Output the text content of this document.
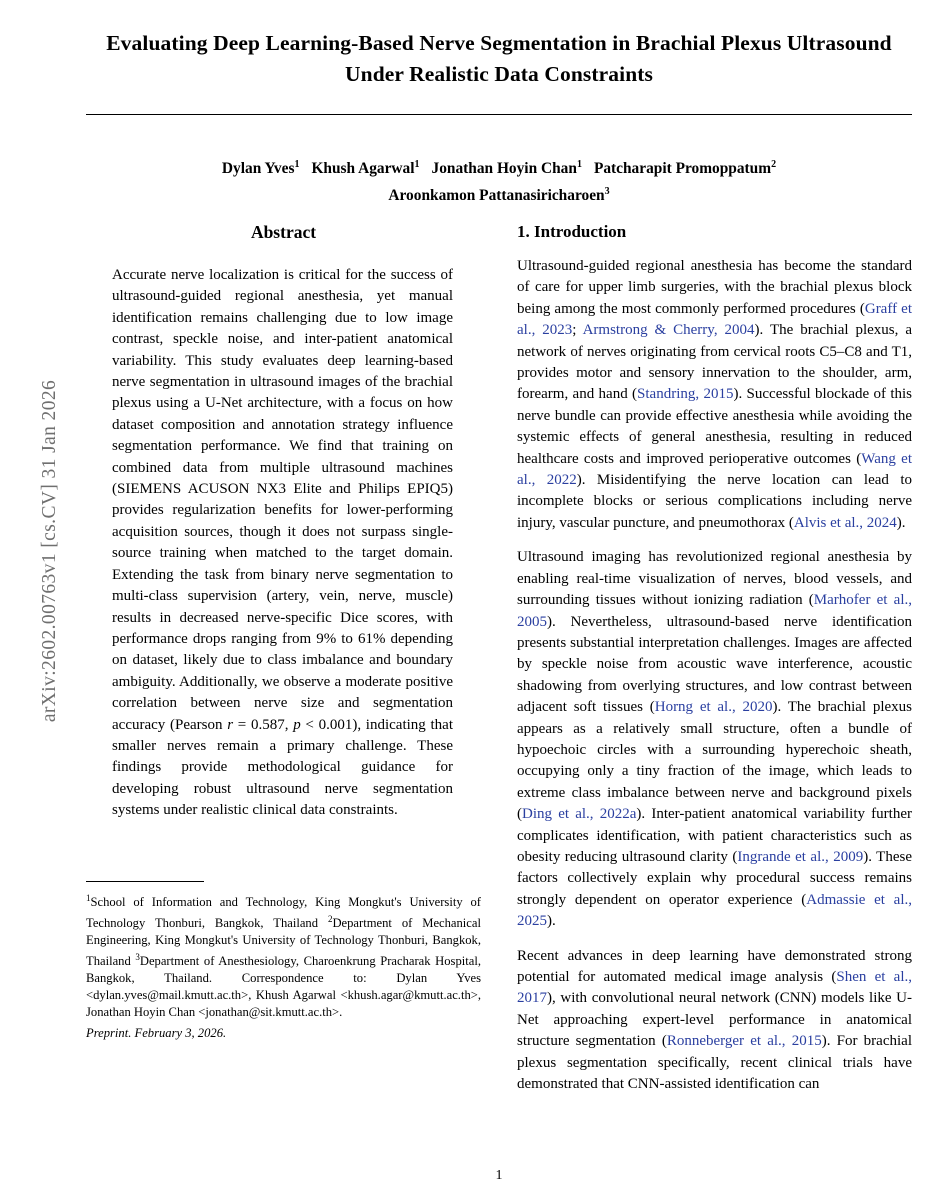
arXiv:2602.00763v1 [cs.CV] 31 Jan 2026
Evaluating Deep Learning-Based Nerve Segmentation in Brachial Plexus Ultrasound Under Realistic Data Constraints
Dylan Yves$^1$ Khush Agarwal$^1$ Jonathan Hoyin Chan$^1$ Patcharapit Promoppatum$^2$
Aroonkamon Pattanasiricharoen$^3$
Abstract
Accurate nerve localization is critical for the success of ultrasound-guided regional anesthesia, yet manual identification remains challenging due to low image contrast, speckle noise, and inter-patient anatomical variability. This study evaluates deep learning-based nerve segmentation in ultrasound images of the brachial plexus using a U-Net architecture, with a focus on how dataset composition and annotation strategy influence segmentation performance. We find that training on combined data from multiple ultrasound machines (SIEMENS ACUSON NX3 Elite and Philips EPIQ5) provides regularization benefits for lower-performing acquisition sources, though it does not surpass single-source training when matched to the target domain. Extending the task from binary nerve segmentation to multi-class supervision (artery, vein, nerve, muscle) results in decreased nerve-specific Dice scores, with performance drops ranging from 9% to 61% depending on dataset, likely due to class imbalance and boundary ambiguity. Additionally, we observe a moderate positive correlation between nerve size and segmentation accuracy (Pearson r = 0.587, p < 0.001), indicating that smaller nerves remain a primary challenge. These findings provide methodological guidance for developing robust ultrasound nerve segmentation systems under realistic clinical data constraints.

$^1$School of Information and Technology, King Mongkut's University of Technology Thonburi, Bangkok, Thailand $^2$Department of Mechanical Engineering, King Mongkut's University of Technology Thonburi, Bangkok, Thailand $^3$Department of Anesthesiology, Charoenkrung Pracharak Hospital, Bangkok, Thailand. Correspondence to: Dylan Yves <dylan.yves@mail.kmutt.ac.th>, Khush Agarwal <khush.agar@kmutt.ac.th>, Jonathan Hoyin Chan <jonathan@sit.kmutt.ac.th>.

Preprint. February 3, 2026.

1. Introduction

Ultrasound-guided regional anesthesia has become the standard of care for upper limb surgeries, with the brachial plexus block being among the most commonly performed procedures (Graff et al., 2023; Armstrong & Cherry, 2004). The brachial plexus, a network of nerves originating from cervical roots C5–C8 and T1, provides motor and sensory innervation to the shoulder, arm, forearm, and hand (Standring, 2015). Successful blockade of this nerve bundle can provide effective anesthesia while avoiding the systemic effects of general anesthesia, resulting in reduced healthcare costs and improved perioperative outcomes (Wang et al., 2022). Misidentifying the nerve location can lead to incomplete blocks or serious complications including nerve injury, vascular puncture, and pneumothorax (Alvis et al., 2024).

Ultrasound imaging has revolutionized regional anesthesia by enabling real-time visualization of nerves, blood vessels, and surrounding tissues without ionizing radiation (Marhofer et al., 2005). Nevertheless, ultrasound-based nerve identification presents substantial interpretation challenges. Images are affected by speckle noise from acoustic wave interference, acoustic shadowing from overlying structures, and low contrast between adjacent soft tissues (Horng et al., 2020). The brachial plexus appears as a relatively small structure, often a bundle of hypoechoic circles with a surrounding hyperechoic sheath, occupying only a tiny fraction of the image, which leads to extreme class imbalance between nerve and background pixels (Ding et al., 2022a). Inter-patient anatomical variability further complicates identification, with patient characteristics such as obesity reducing ultrasound clarity (Ingrande et al., 2009). These factors collectively explain why procedural success remains strongly dependent on operator experience (Admassie et al., 2025).

Recent advances in deep learning have demonstrated strong potential for automated medical image analysis (Shen et al., 2017), with convolutional neural network (CNN) models like U-Net approaching expert-level performance in anatomical structure segmentation (Ronneberger et al., 2015). For brachial plexus segmentation specifically, recent clinical trials have demonstrated that CNN-assisted identification can

1
